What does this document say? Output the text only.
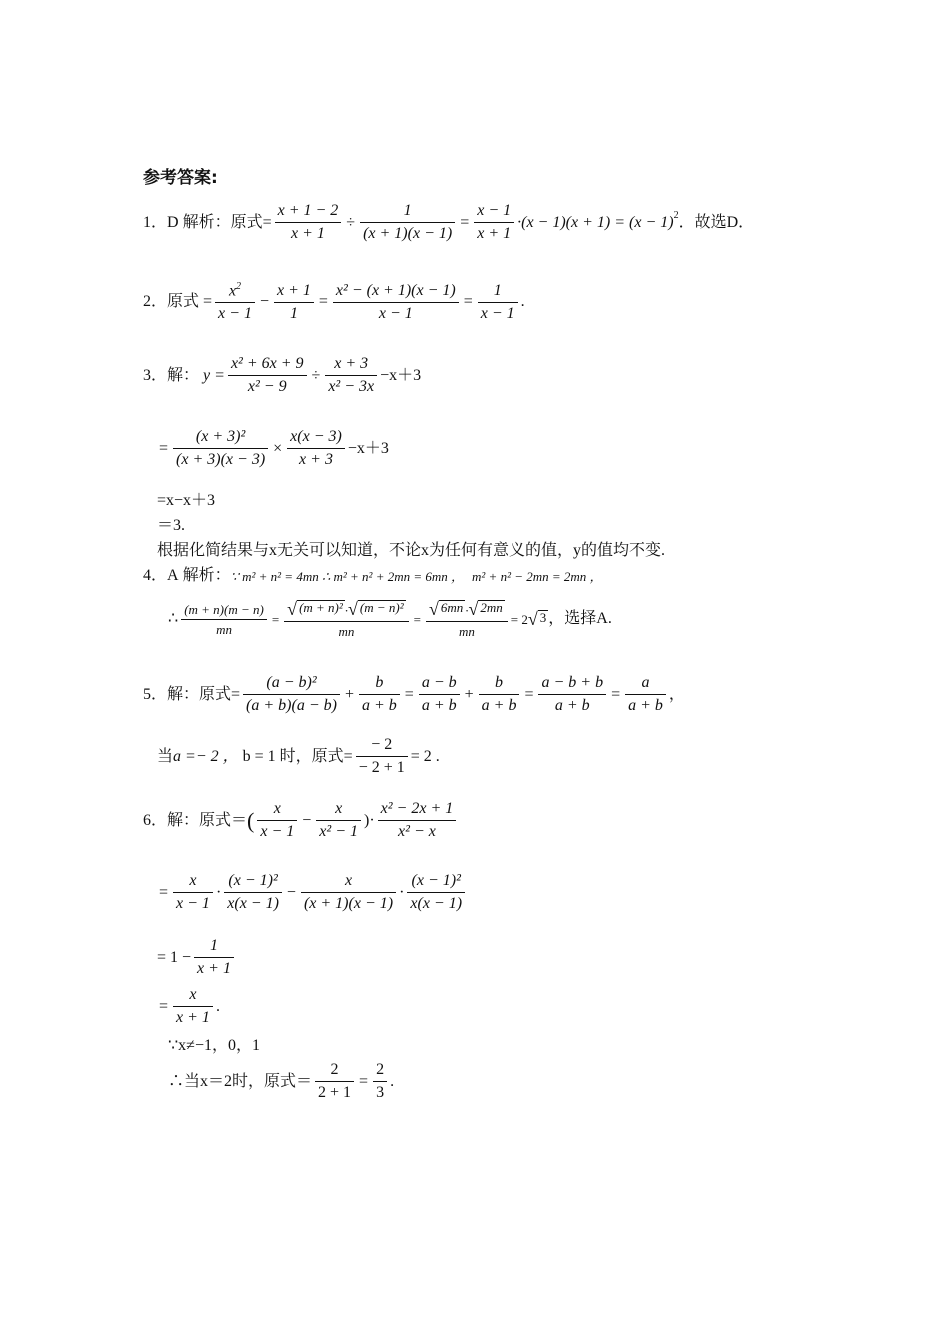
参考答案:
1．D
解析：原式= $\frac{x + 1 - 2}{x + 1} \div \frac{1}{(x + 1)(x - 1)} = \frac{x - 1}{x + 1} \cdot(x - 1)(x + 1) = (x - 1)^2$ ．故选D．
2． 原式 = $\frac{x^2}{x - 1} - \frac{x + 1}{1} = \frac{\text{x² − (x + 1)(x − 1)}}{x - 1} = \frac{1}{x - 1}$ .
3． 解：
$y = \frac{\text{x² + 6x + 9}}{\text{x² − 9}} \div \frac{x + 3}{\text{x² − 3x}} -x+3$
= $\frac{\text{(x + 3)²}}{(x + 3)(x - 3)} \times \frac{x(x - 3)}{x + 3} -x+3$
=x−x＋3
＝3.
根据化简结果与x无关可以知道，不论x为任何有意义的值，y的值均不变.
4．A
解析： ∵ m² + n² = 4mn ∴ m² + n² + 2mn = 6mn ，
m² + n² − 2mn = 2mn ，
∴ $\frac{(m + n)(m - n)}{mn} = \frac{\text{√ (m + n)² · √ (m − n)²}}{mn} = \frac{√ 6mn \cdot √ 2mn}{mn} = 2$ √ 3 ，选择A.
5． 解：原式= $\frac{\text{(a − b)²}}{(a + b)(a - b)} + \frac{b}{a + b} = \frac{a - b}{a + b} + \frac{b}{a + b} = \frac{a - b + b}{a + b} = \frac{a}{a + b}$ ，
当 a =− 2 ，
b = 1 时，原式= $\frac{- 2}{- 2 + 1} = 2$ .
6． 解：原式＝ ( x
x − 1
− $\frac{x}{\text{x² − 1}}$ )·
x² − 2x + 1
x² − x
= $\frac{x}{x - 1}$ ·
(x − 1)²
x(x − 1)
− $\frac{x}{(x + 1)(x - 1)}$ ·
(x − 1)²
x(x − 1)
= $1 - \frac{1}{x + 1}$
= $\frac{x}{x + 1}$ .
∵x≠−1，0，1
∴当x＝2时，原式＝ $\frac{2}{2 + 1} = \frac{2}{3}$ .
